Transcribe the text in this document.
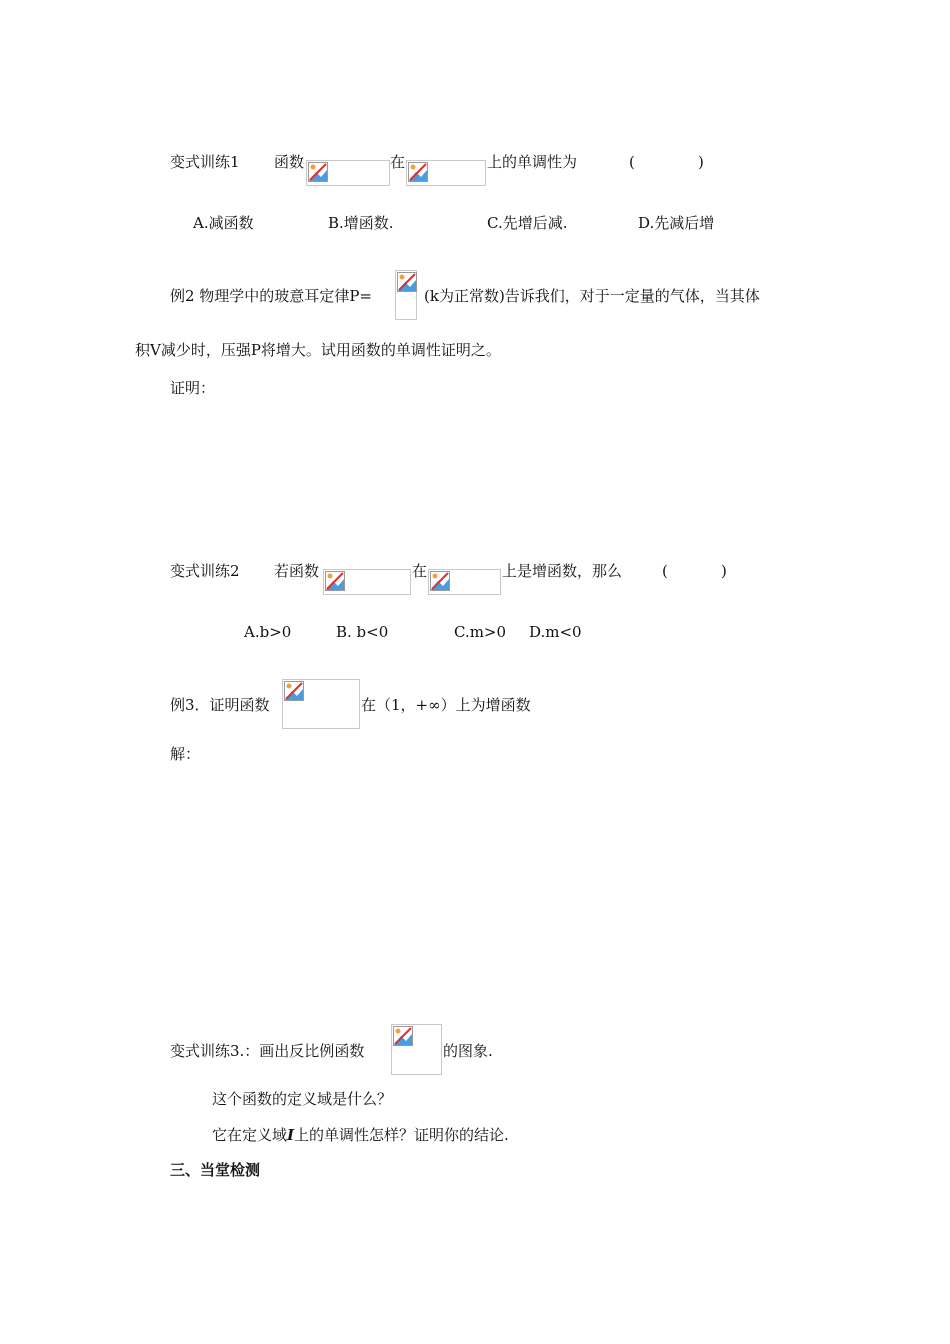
变式训练1 函数	在	上的单调性为	(	)
A.减函数	B.增函数.	C.先增后减.	D.先减后增
例2 物理学中的玻意耳定律P=	(k为正常数)告诉我们，对于一定量的气体，当其体
积V减少时，压强P将增大。试用函数的单调性证明之。
证明：
变式训练2 若函数	在	上是增函数，那么	(	)
A.b>0	B. b<0	C.m>0 D.m<0
例3．证明函数	在（1，+∞）上为增函数
解：
变式训练3.：画出反比例函数	的图象.
这个函数的定义域是什么？
它在定义域I上的单调性怎样？证明你的结论.
三、当堂检测
